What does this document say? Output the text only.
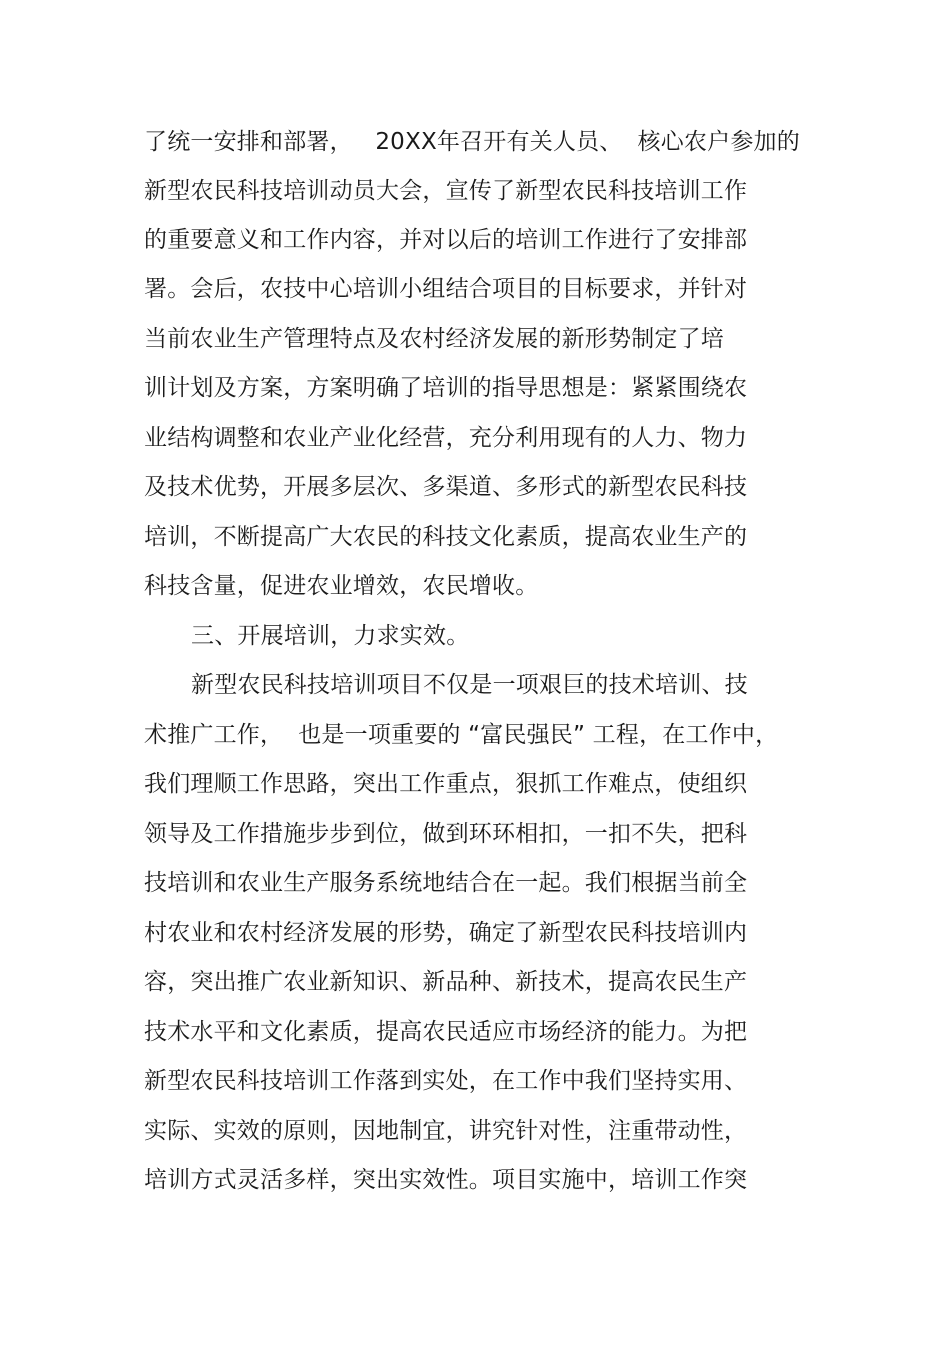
了统一安排和部署，   20XX年召开有关人员、  核心农户参加的
新型农民科技培训动员大会，宣传了新型农民科技培训工作
的重要意义和工作内容，并对以后的培训工作进行了安排部
署。会后，农技中心培训小组结合项目的目标要求，并针对
当前农业生产管理特点及农村经济发展的新形势制定了培
训计划及方案，方案明确了培训的指导思想是：紧紧围绕农
业结构调整和农业产业化经营，充分利用现有的人力、物力
及技术优势，开展多层次、多渠道、多形式的新型农民科技
培训，不断提高广大农民的科技文化素质，提高农业生产的
科技含量，促进农业增效，农民增收。
三、开展培训，力求实效。
新型农民科技培训项目不仅是一项艰巨的技术培训、技
术推广工作，  也是一项重要的 “富民强民” 工程，在工作中，
我们理顺工作思路，突出工作重点，狠抓工作难点，使组织
领导及工作措施步步到位，做到环环相扣，一扣不失，把科
技培训和农业生产服务系统地结合在一起。我们根据当前全
村农业和农村经济发展的形势，确定了新型农民科技培训内
容，突出推广农业新知识、新品种、新技术，提高农民生产
技术水平和文化素质，提高农民适应市场经济的能力。为把
新型农民科技培训工作落到实处，在工作中我们坚持实用、
实际、实效的原则，因地制宜，讲究针对性，注重带动性，
培训方式灵活多样，突出实效性。项目实施中，培训工作突
